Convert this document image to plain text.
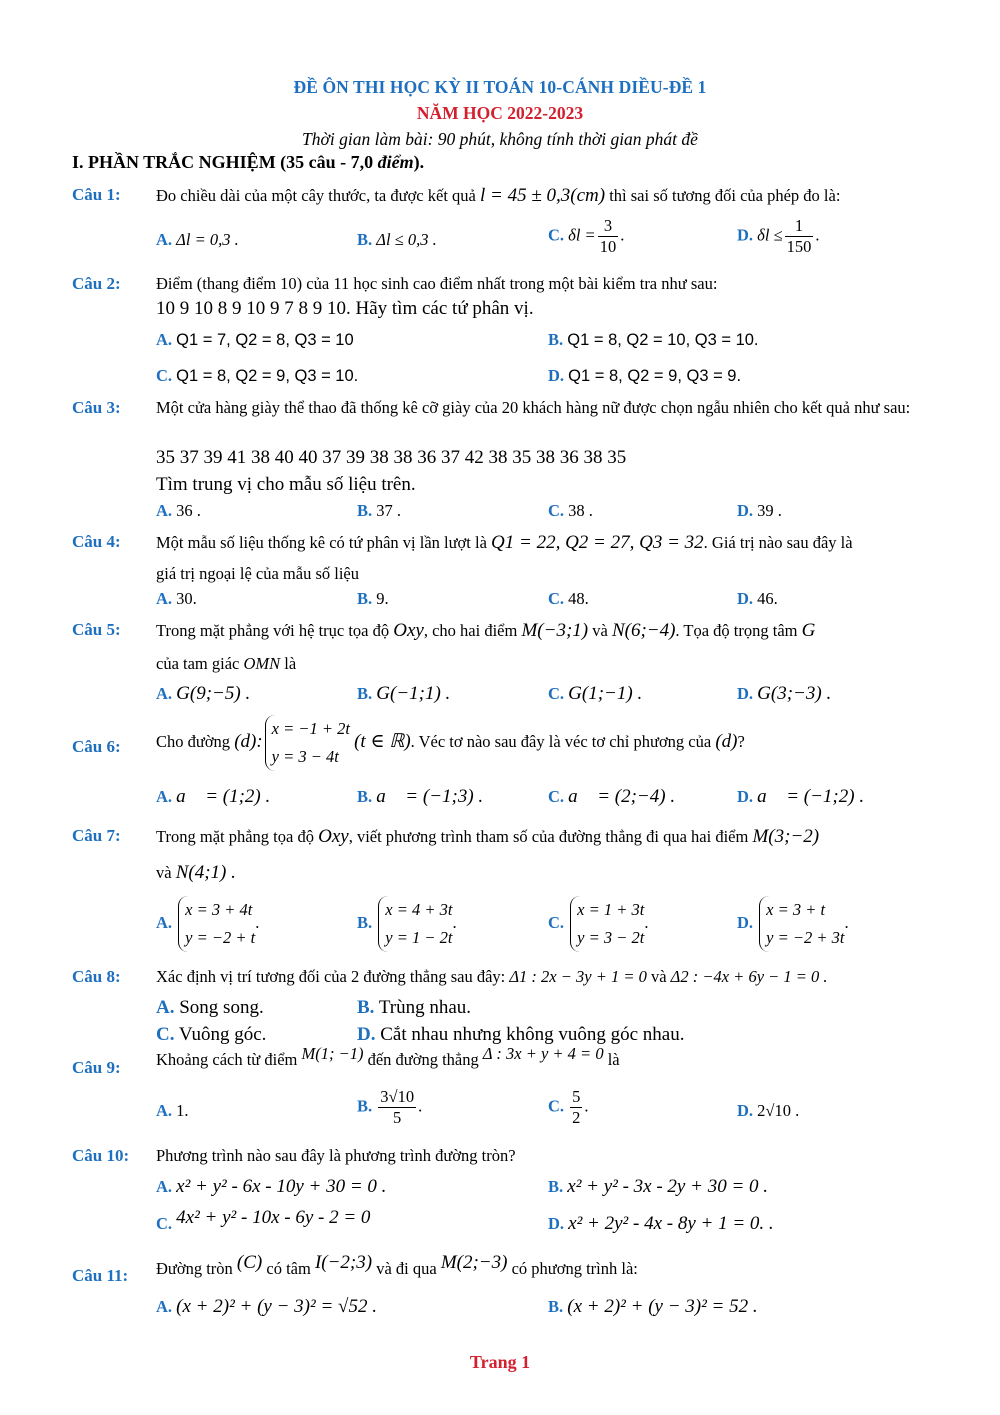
ĐỀ ÔN THI HỌC KỲ II TOÁN 10-CÁNH DIỀU-ĐỀ 1
NĂM HỌC 2022-2023
Thời gian làm bài: 90 phút, không tính thời gian phát đề
I. PHẦN TRẮC NGHIỆM (35 câu - 7,0 điểm).
Câu 1: Đo chiều dài của một cây thước, ta được kết quả l = 45 ± 0,3(cm) thì sai số tương đối của phép đo là:
A. Δl = 0,3 .	B. Δl ≤ 0,3 .	C. $\delta l = \frac{3}{10}$ .	D. $\delta l \le \frac{1}{150}$ .
Câu 2: Điểm (thang điểm 10) của 11 học sinh cao điểm nhất trong một bài kiểm tra như sau:
10 9 10 8 9 10 9 7 8 9 10. Hãy tìm các tứ phân vị.
A. Q1 = 7, Q2 = 8, Q3 = 10	B. Q1 = 8, Q2 = 10, Q3 = 10.
C. Q1 = 8, Q2 = 9, Q3 = 10.	D. Q1 = 8, Q2 = 9, Q3 = 9.
Câu 3: Một cửa hàng giày thể thao đã thống kê cỡ giày của 20 khách hàng nữ được chọn ngẫu nhiên cho kết quả như sau:
35 37 39 41 38 40 40 37 39 38 38 36 37 42 38 35 38 36 38 35
Tìm trung vị cho mẫu số liệu trên.
A. 36 .	B. 37 .	C. 38 .	D. 39 .
Câu 4: Một mẫu số liệu thống kê có tứ phân vị lần lượt là Q1 = 22, Q2 = 27, Q3 = 32. Giá trị nào sau đây là
giá trị ngoại lệ của mẫu số liệu
A. 30.	B. 9.	C. 48.	D. 46.
Câu 5: Trong mặt phẳng với hệ trục tọa độ Oxy, cho hai điểm M(−3;1) và N(6;−4). Tọa độ trọng tâm G
của tam giác OMN là
A. G(9;−5) .	B. G(−1;1) .	C. G(1;−1) .	D. G(3;−3) .
Câu 6: Cho đường (d):
x = −1 + 2t
y = 3 − 4t
(t ∈ ℝ). Véc tơ nào sau đây là véc tơ chỉ phương của (d)?
A. a⃗ = (1;2) .	B. a⃗ = (−1;3) .	C. a⃗ = (2;−4) .	D. a⃗ = (−1;2) .
Câu 7: Trong mặt phẳng tọa độ Oxy, viết phương trình tham số của đường thẳng đi qua hai điểm M(3;−2)
và N(4;1) .
A.
x = 3 + 4t
y = −2 + t
.	B.
x = 4 + 3t
y = 1 − 2t
.	C.
x = 1 + 3t
y = 3 − 2t
.	D.
x = 3 + t
y = −2 + 3t
.
Câu 8: Xác định vị trí tương đối của 2 đường thẳng sau đây: Δ1 : 2x − 3y + 1 = 0 và Δ2 : −4x + 6y − 1 = 0 .
A. Song song.	B. Trùng nhau.
C. Vuông góc.	D. Cắt nhau nhưng không vuông góc nhau.
Câu 9: Khoảng cách từ điểm M(1; −1) đến đường thẳng Δ : 3x + y + 4 = 0 là
A. 1.	B. $\frac{3√10}{5}$ .	C. $\frac{5}{2}$ .	D. 2√10 .
Câu 10: Phương trình nào sau đây là phương trình đường tròn?
A. x² + y² - 6x - 10y + 30 = 0 .	B. x² + y² - 3x - 2y + 30 = 0 .
C. 4x² + y² - 10x - 6y - 2 = 0	D. x² + 2y² - 4x - 8y + 1 = 0. .
Câu 11: Đường tròn (C) có tâm I(−2;3) và đi qua M(2;−3) có phương trình là:
A. (x + 2)² + (y − 3)² = √52 .	B. (x + 2)² + (y − 3)² = 52 .
Trang 1
